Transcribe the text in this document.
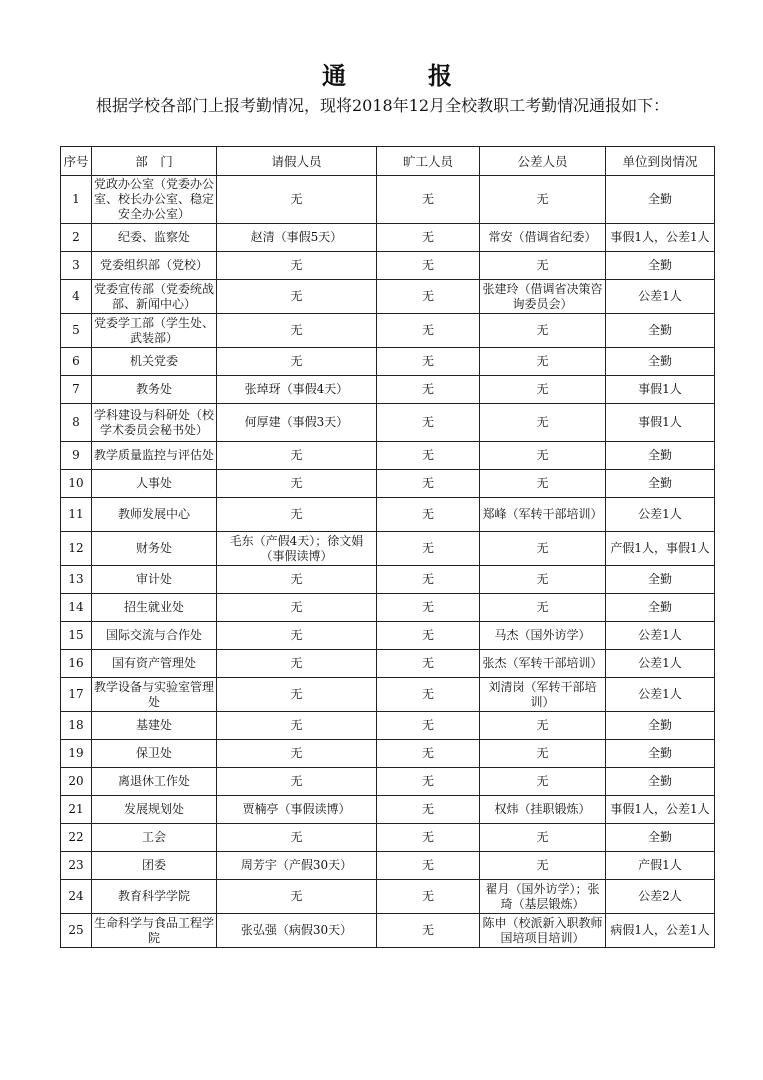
通	报
根据学校各部门上报考勤情况，现将2018年12月全校教职工考勤情况通报如下：
序号	部　门	请假人员	旷工人员	公差人员	单位到岗情况
1	党政办公室（党委办公室、校长办公室、稳定安全办公室）	无	无	无	全勤
2	纪委、监察处	赵清（事假5天）	无	常安（借调省纪委）	事假1人，公差1人
3	党委组织部（党校）	无	无	无	全勤
4	党委宣传部（党委统战部、新闻中心）	无	无	张建玲（借调省决策咨询委员会）	公差1人
5	党委学工部（学生处、武装部）	无	无	无	全勤
6	机关党委	无	无	无	全勤
7	教务处	张琸玡（事假4天）	无	无	事假1人
8	学科建设与科研处（校学术委员会秘书处）	何厚建（事假3天）	无	无	事假1人
9	教学质量监控与评估处	无	无	无	全勤
10	人事处	无	无	无	全勤
11	教师发展中心	无	无	郑峰（军转干部培训）	公差1人
12	财务处	毛东（产假4天）；徐文娟（事假读博）	无	无	产假1人，事假1人
13	审计处	无	无	无	全勤
14	招生就业处	无	无	无	全勤
15	国际交流与合作处	无	无	马杰（国外访学）	公差1人
16	国有资产管理处	无	无	张杰（军转干部培训）	公差1人
17	教学设备与实验室管理处	无	无	刘清岗（军转干部培训）	公差1人
18	基建处	无	无	无	全勤
19	保卫处	无	无	无	全勤
20	离退休工作处	无	无	无	全勤
21	发展规划处	贾楠亭（事假读博）	无	权炜（挂职锻炼）	事假1人，公差1人
22	工会	无	无	无	全勤
23	团委	周芳宇（产假30天）	无	无	产假1人
24	教育科学学院	无	无	翟月（国外访学）；张琦（基层锻炼）	公差2人
25	生命科学与食品工程学院	张弘强（病假30天）	无	陈申（校派新入职教师国培项目培训）	病假1人，公差1人
